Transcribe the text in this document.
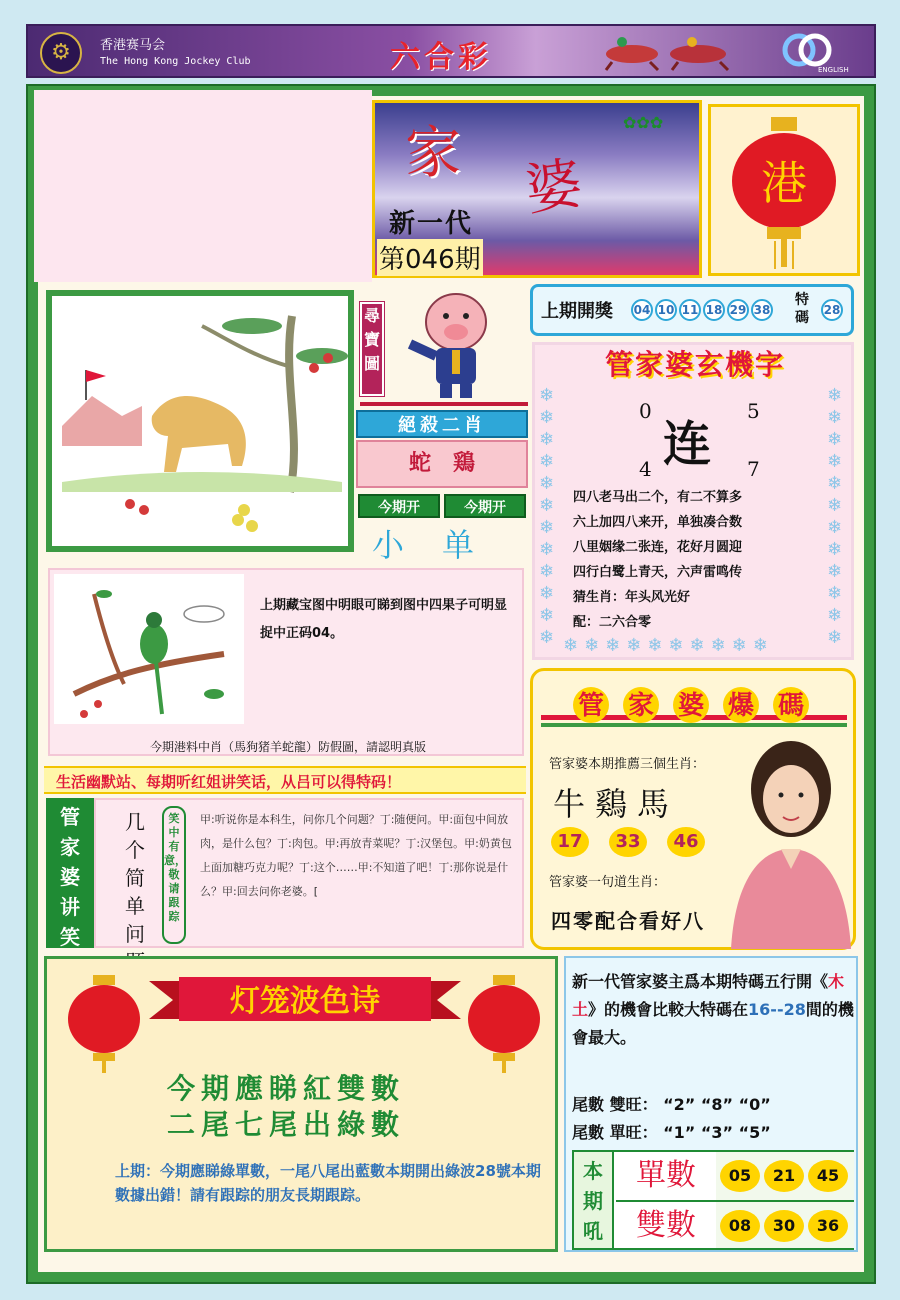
⚙	香港赛马会
The Hong Kong Jockey Club	六合彩	ENGLISH
家 婆
✿✿✿
新一代
第046期
港
尋寶圖
絕殺二肖
蛇鶏
今期开	今期开
小单
上期開獎 04 10 11 18 29 38
特碼	28
❄
❄
❄
❄
❄
❄
❄
❄
❄
❄
❄
❄
❄
❄
❄
❄
❄
❄
❄
❄
❄
❄
❄
❄
❄❄❄❄❄❄❄❄❄❄
管家婆玄機字
0	5
连
4	7
四八老马出二个，有二不算多
六上加四八来开，单独凑合数
八里姻缘二张连，花好月圆迎
四行白鹭上青天，六声雷鸣传
猜生肖：年头风光好
配：二六合零
上期藏宝图中明眼可睇到图中四果子可明显捉中正码04。
今期港料中肖（馬狗猪羊蛇龍）防假圖，請認明真版
生活幽默站、每期听红姐讲笑话，从吕可以得特码！
管家婆讲笑
几个简单问
笑中有意，敬请跟踪
甲:听说你是本科生，问你几个问题？丁:随便问。甲:面包中间放肉，是什么包？丁:肉包。甲:再放青菜呢？丁:汉堡包。甲:奶黄包上面加糖巧克力呢？丁:这个……甲:不知道了吧！丁:那你说是什么？甲:回去问你老婆。[
管 家 婆 爆 碼
管家婆本期推薦三個生肖：
牛鷄馬
17	33	46
管家婆一句道生肖：
四零配合看好八
灯笼波色诗
今期應睇紅雙數
二尾七尾出綠數
上期：今期應睇綠單數，一尾八尾出藍數本期開出綠波28號本期數據出錯！請有跟踪的朋友長期跟踪。
新一代管家婆主爲本期特碼五行開《木土》的機會比較大特碼在16--28間的機會最大。
尾數 雙旺： “2” “8” “0”
尾數 單旺： “1” “3” “5”
本期吼
單數	05	21	45
雙數	08	30	36
